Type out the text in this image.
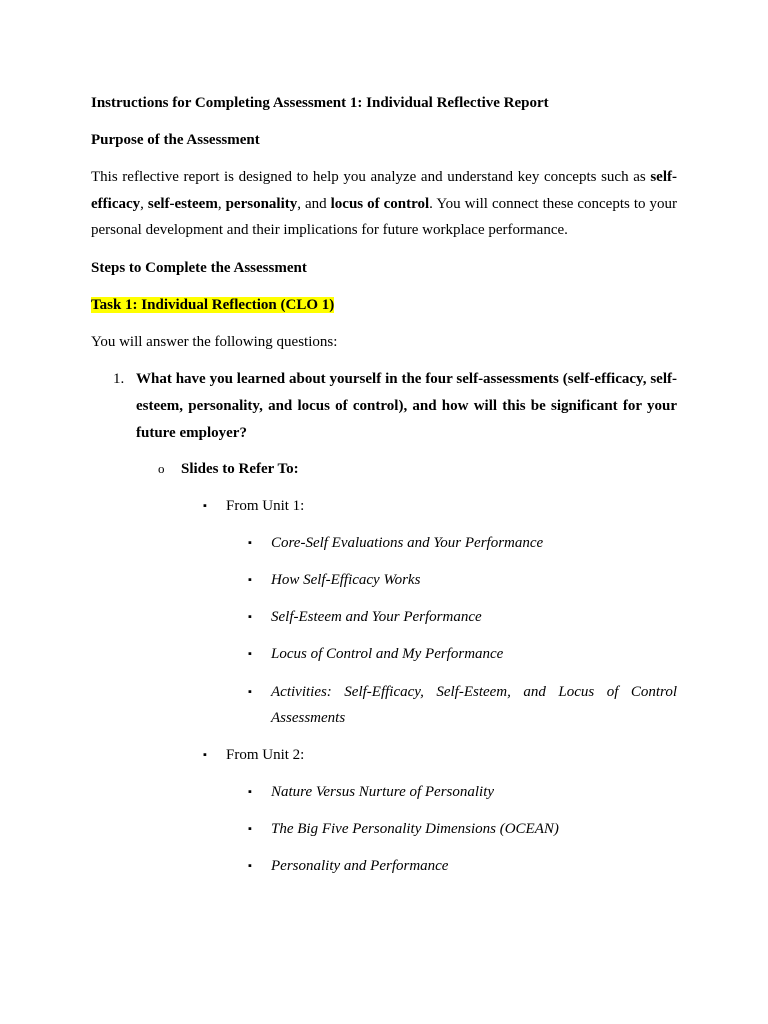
Instructions for Completing Assessment 1: Individual Reflective Report
Purpose of the Assessment
This reflective report is designed to help you analyze and understand key concepts such as self-efficacy, self-esteem, personality, and locus of control. You will connect these concepts to your personal development and their implications for future workplace performance.
Steps to Complete the Assessment
Task 1: Individual Reflection (CLO 1)
You will answer the following questions:
1. What have you learned about yourself in the four self-assessments (self-efficacy, self-esteem, personality, and locus of control), and how will this be significant for your future employer?
o Slides to Refer To:
▪ From Unit 1:
▪ Core-Self Evaluations and Your Performance
▪ How Self-Efficacy Works
▪ Self-Esteem and Your Performance
▪ Locus of Control and My Performance
▪ Activities: Self-Efficacy, Self-Esteem, and Locus of Control Assessments
▪ From Unit 2:
▪ Nature Versus Nurture of Personality
▪ The Big Five Personality Dimensions (OCEAN)
▪ Personality and Performance
